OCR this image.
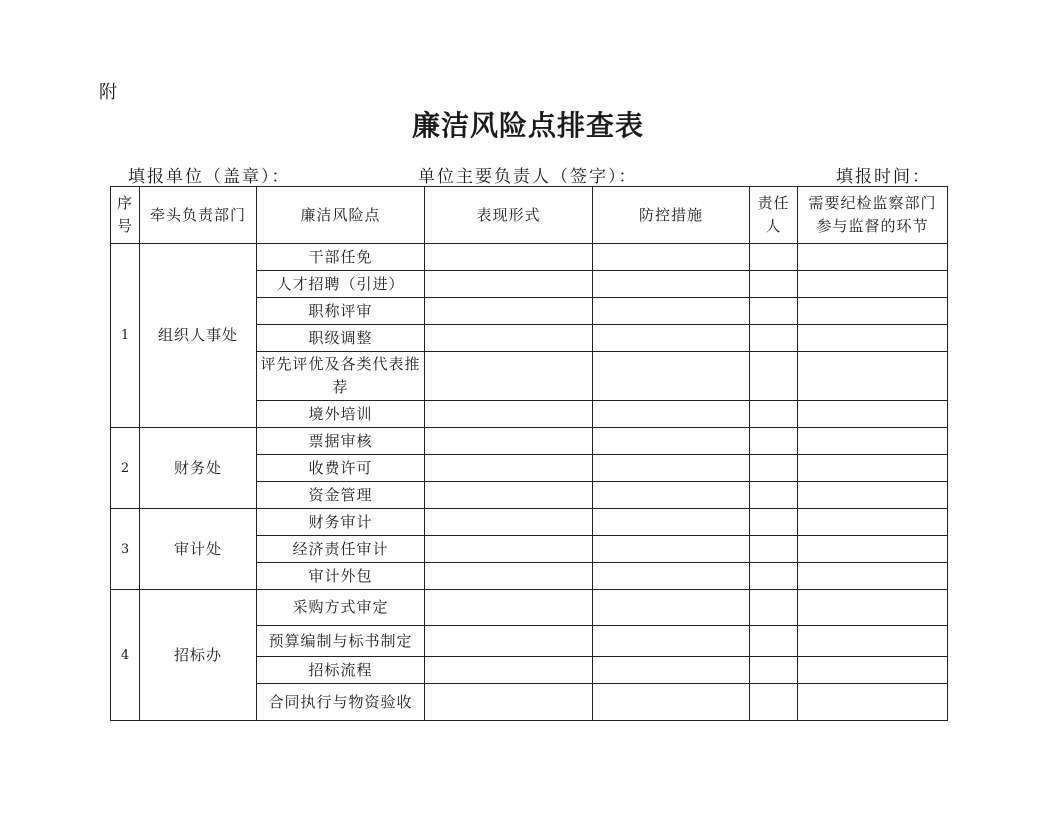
附
廉洁风险点排查表
填报单位（盖章）：	单位主要负责人（签字）：	填报时间：
序号	牵头负责部门	廉洁风险点	表现形式	防控措施	责任人	需要纪检监察部门参与监督的环节
1	组织人事处	干部任免				
		人才招聘（引进）				
		职称评审				
		职级调整				
		评先评优及各类代表推荐				
		境外培训				
2	财务处	票据审核				
		收费许可				
		资金管理				
3	审计处	财务审计				
		经济责任审计				
		审计外包				
4	招标办	采购方式审定				
		预算编制与标书制定				
		招标流程				
		合同执行与物资验收				
